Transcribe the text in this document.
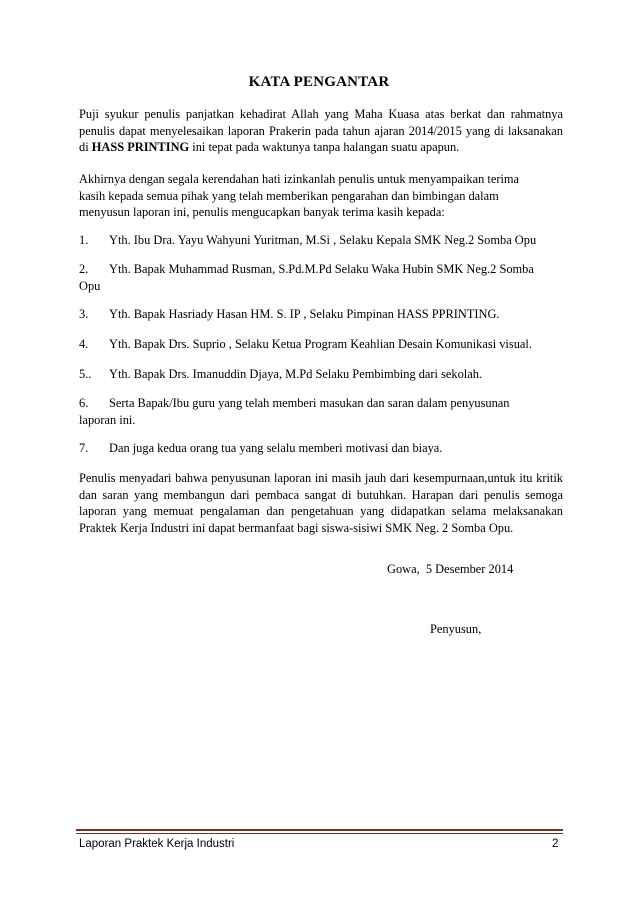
KATA PENGANTAR

Puji syukur penulis panjatkan kehadirat Allah yang Maha Kuasa atas berkat dan rahmatnya penulis dapat menyelesaikan laporan Prakerin pada tahun ajaran 2014/2015 yang di laksanakan di HASS PRINTING ini tepat pada waktunya tanpa halangan suatu apapun.

Akhirnya dengan segala kerendahan hati izinkanlah penulis untuk menyampaikan terima kasih kepada semua pihak yang telah memberikan pengarahan dan bimbingan dalam menyusun laporan ini, penulis mengucapkan banyak terima kasih kepada:

1. Yth. Ibu Dra. Yayu Wahyuni Yuritman, M.Si , Selaku Kepala SMK Neg.2 Somba Opu

2. Yth. Bapak Muhammad Rusman, S.Pd.M.Pd Selaku Waka Hubin SMK Neg.2 Somba Opu

3. Yth. Bapak Hasriady Hasan HM. S. IP , Selaku Pimpinan HASS PPRINTING.

4. Yth. Bapak Drs. Suprio , Selaku Ketua Program Keahlian Desain Komunikasi visual.

5.. Yth. Bapak Drs. Imanuddin Djaya, M.Pd Selaku Pembimbing dari sekolah.

6. Serta Bapak/Ibu guru yang telah memberi masukan dan saran dalam penyusunan laporan ini.

7. Dan juga kedua orang tua yang selalu memberi motivasi dan biaya.

Penulis menyadari bahwa penyusunan laporan ini masih jauh dari kesempurnaan,untuk itu kritik dan saran yang membangun dari pembaca sangat di butuhkan. Harapan dari penulis semoga laporan yang memuat pengalaman dan pengetahuan yang didapatkan selama melaksanakan Praktek Kerja Industri ini dapat bermanfaat bagi siswa-sisiwi SMK Neg. 2 Somba Opu.

Gowa,  5 Desember 2014

Penyusun,

Laporan Praktek Kerja Industri	2
